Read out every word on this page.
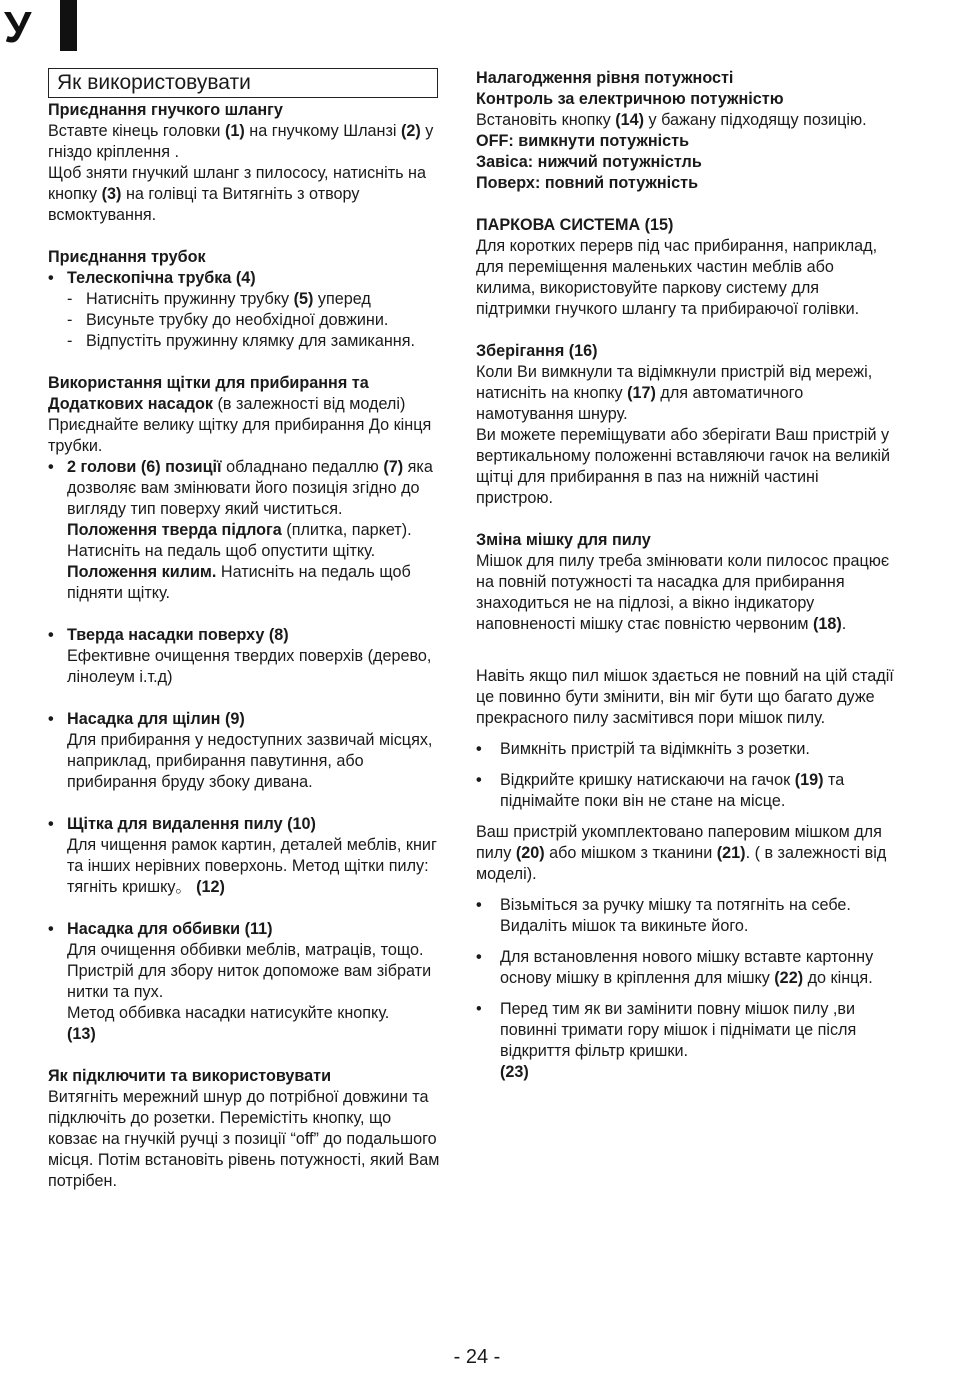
У
Як використовувати
Приєднання гнучкого шлангу
Вставте кінець головки (1) на гнучкому Шланзі (2) у гніздо кріплення .
Щоб зняти гнучкий шланг з пилососу, натисніть на кнопку (3) на голівці та Витягніть з отвору всмоктування.
Приєднання трубок
• Телескопічна трубка (4)
- Натисніть пружинну трубку (5) уперед
- Висуньте трубку до необхідної довжини.
- Відпустіть пружинну клямку для замикання.
Використання щітки для прибирання та Додаткових насадок (в залежності від моделі)
Приєднайте велику щітку для прибирання До кінця трубки.
• 2 голови (6) позиції обладнано педаллю (7) яка дозволяє вам змінювати його позиція згідно до вигляду тип поверху який чиститься.
Положення тверда підлога (плитка, паркет).
Натисніть на педаль щоб опустити щітку.
Положення килим. Натисніть на педаль щоб підняти щітку.
• Тверда насадки поверху (8)
Ефективне очищення твердих поверхів (дерево, лінолеум і.т.д)
• Насадка для щілин (9)
Для прибирання у недоступних зазвичай місцях, наприклад, прибирання павутиння, або прибирання бруду збоку дивана.
• Щітка для видалення пилу (10)
Для чищення рамок картин, деталей меблів, книг та інших нерівних поверхонь. Метод щітки пилу: тягніть кришку。 (12)
• Насадка для оббивки (11)
Для очищення оббивки меблів, матраців, тощо.
Пристрій для збору ниток допоможе вам зібрати нитки та пух.
Метод оббивка насадки натисукйте кнопку.
(13)
Як підключити та використовувати
Витягніть мережний шнур до потрібної довжини та підключіть до розетки. Перемістіть кнопку, що ковзає на гнучкій ручці з позиції “off” до подальшого місця. Потім встановіть рівень потужності, який Вам потрібен.
Налагодження рівня потужності
Контроль за електричною потужністю
Встановіть кнопку (14) у бажану підходящу позицію.
OFF: вимкнути потужність
Завіса: нижчий потужністль
Поверх: повний потужність
ПАРКОВА СИСТЕМА (15)
Для коротких перерв під час прибирання, наприклад, для переміщення маленьких частин меблів або килима, використовуйте паркову систему для підтримки гнучкого шлангу та прибираючої голівки.
Зберігання (16)
Коли Ви вимкнули та відімкнули пристрій від мережі, натисніть на кнопку (17) для автоматичного намотування шнуру.
Ви можете переміщувати або зберігати Ваш пристрій у вертикальному положенні вставляючи гачок на великій щітці для прибирання в паз на нижній частині пристрою.
Зміна мішку для пилу
Мішок для пилу треба змінювати коли пилосос працює на повній потужності та насадка для прибирання знаходиться не на підлозі, а вікно індикатору наповненості мішку стає повністю червоним (18).
Навіть якщо пил мішок здається не повний на цій стадії це повинно бути змінити, він міг бути що багато дуже прекрасного пилу засмітився пори мішок пилу.
• Вимкніть пристрій та відімкніть з розетки.
• Відкрийте кришку натискаючи на гачок (19) та піднімайте поки він не стане на місце.
Ваш пристрій укомплектовано паперовим мішком для пилу (20) або мішком з тканини (21). ( в залежності від моделі).
• Візьміться за ручку мішку та потягніть на себе. Видаліть мішок та викиньте його.
• Для встановлення нового мішку вставте картонну основу мішку в кріплення для мішку (22) до кінця.
• Перед тим як ви замінити повну мішок пилу ,ви повинні тримати гору мішок і піднімати це після відкриття фільтр кришки.
(23)
- 24 -
